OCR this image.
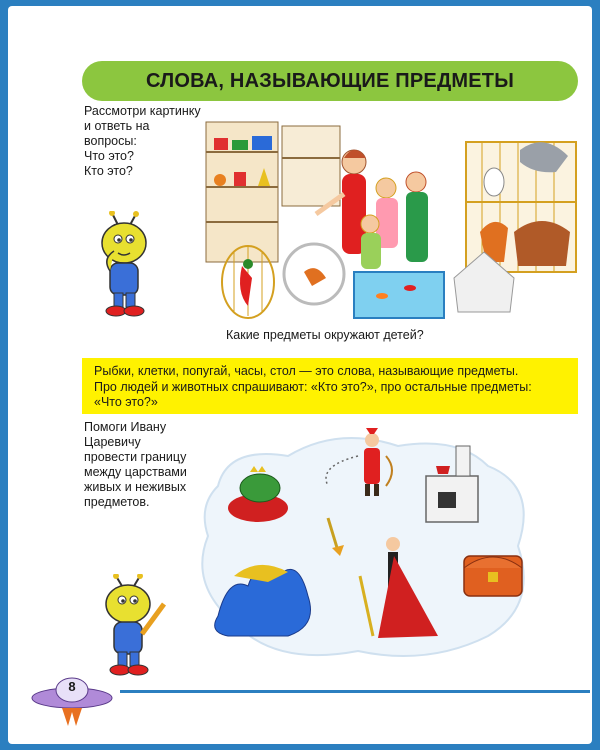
СЛОВА, НАЗЫВАЮЩИЕ ПРЕДМЕТЫ
Рассмотри картинку
и ответь на
вопросы:
Что это?
Кто это?
Какие предметы окружают детей?

Рыбки, клетки, попугай, часы, стол — это слова, называющие предметы.
Про людей и животных спрашивают: «Кто это?», про остальные предметы:
«Что это?»

Помоги Ивану Царевичу
провести границу
между царствами
живых и неживых
предметов.
8
